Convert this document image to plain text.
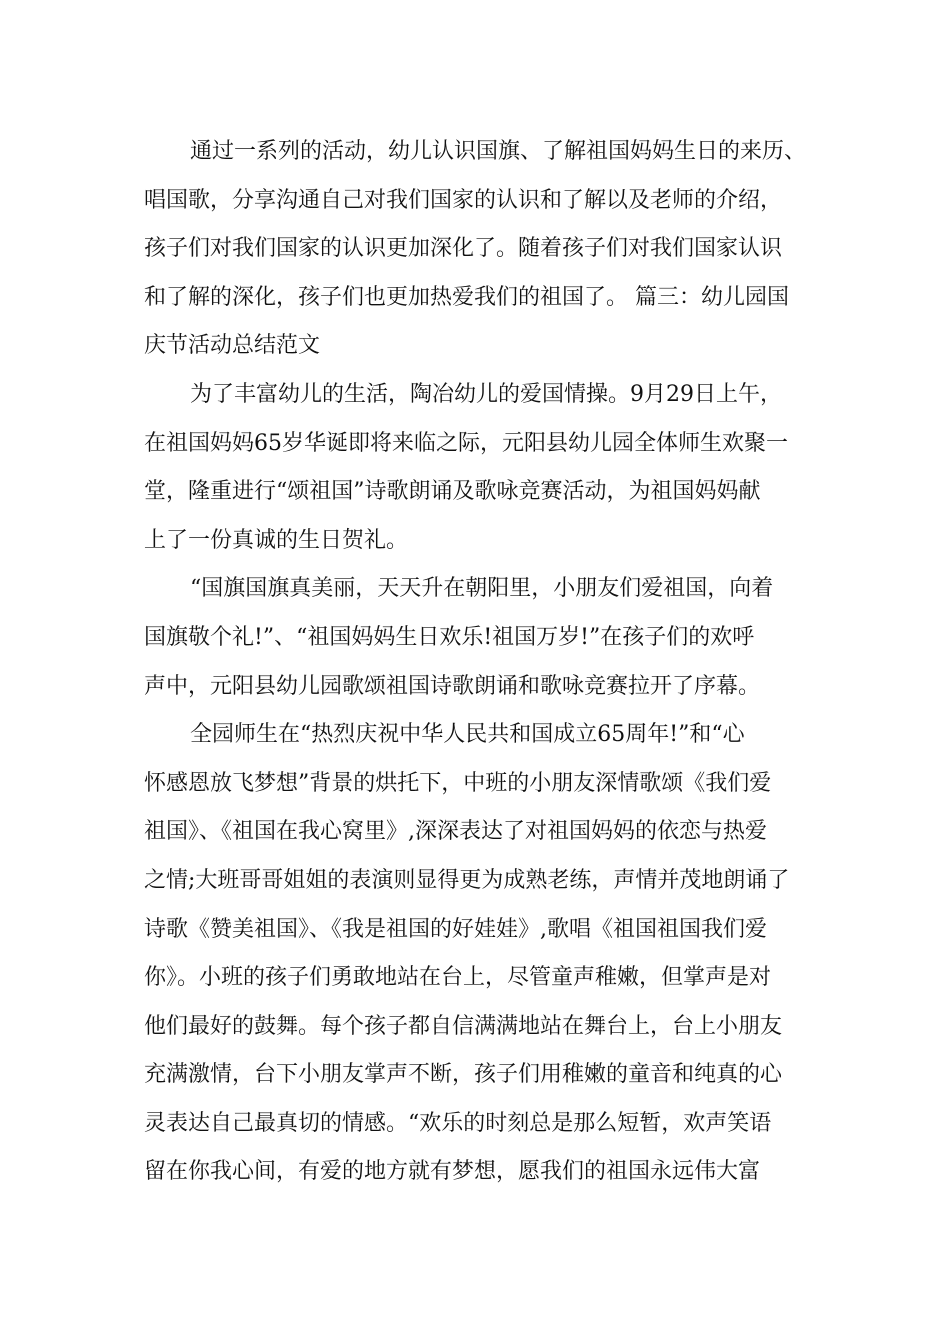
通过一系列的活动，幼儿认识国旗、了解祖国妈妈生日的来历、
唱国歌，分享沟通自己对我们国家的认识和了解以及老师的介绍，
孩子们对我们国家的认识更加深化了。随着孩子们对我们国家认识
和了解的深化，孩子们也更加热爱我们的祖国了。 篇三：幼儿园国
庆节活动总结范文
为了丰富幼儿的生活，陶冶幼儿的爱国情操。9月29日上午，
在祖国妈妈65岁华诞即将来临之际，元阳县幼儿园全体师生欢聚一
堂，隆重进行“颂祖国”诗歌朗诵及歌咏竞赛活动，为祖国妈妈献
上了一份真诚的生日贺礼。
“国旗国旗真美丽，天天升在朝阳里，小朋友们爱祖国，向着
国旗敬个礼!”、“祖国妈妈生日欢乐!祖国万岁!”在孩子们的欢呼
声中，元阳县幼儿园歌颂祖国诗歌朗诵和歌咏竞赛拉开了序幕。
全园师生在“热烈庆祝中华人民共和国成立65周年!”和“心
怀感恩放飞梦想”背景的烘托下，中班的小朋友深情歌颂《我们爱
祖国》、《祖国在我心窝里》,深深表达了对祖国妈妈的依恋与热爱
之情;大班哥哥姐姐的表演则显得更为成熟老练，声情并茂地朗诵了
诗歌《赞美祖国》、《我是祖国的好娃娃》,歌唱《祖国祖国我们爱
你》。小班的孩子们勇敢地站在台上，尽管童声稚嫩，但掌声是对
他们最好的鼓舞。每个孩子都自信满满地站在舞台上，台上小朋友
充满激情，台下小朋友掌声不断，孩子们用稚嫩的童音和纯真的心
灵表达自己最真切的情感。“欢乐的时刻总是那么短暂，欢声笑语
留在你我心间，有爱的地方就有梦想，愿我们的祖国永远伟大富
